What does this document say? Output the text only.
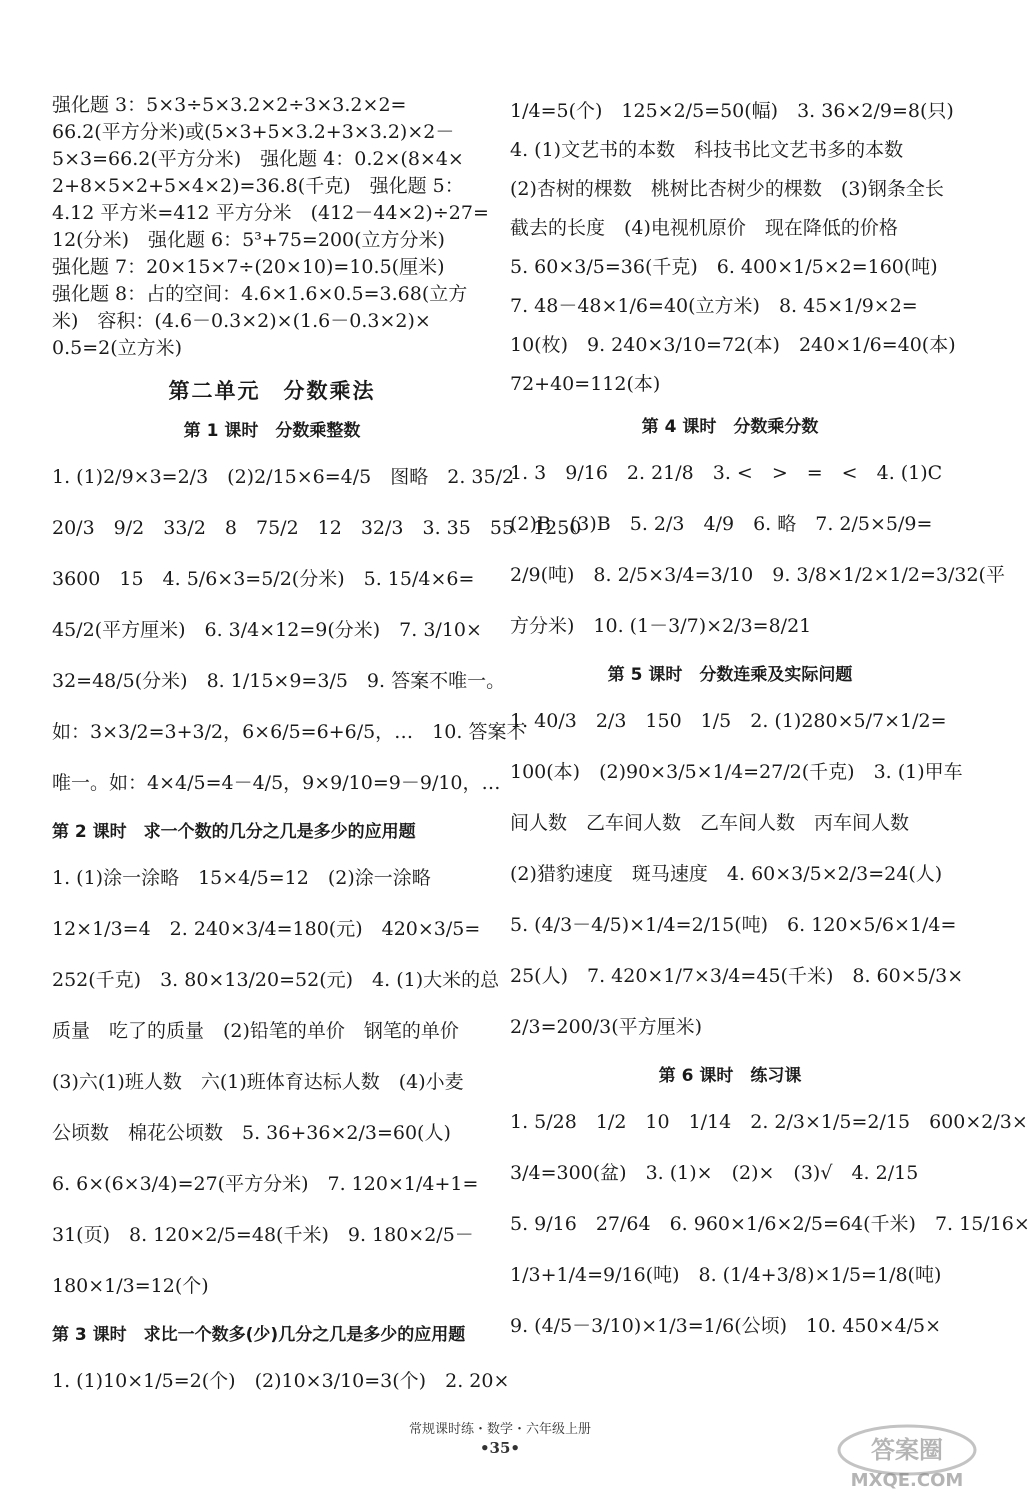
强化题 3：5×3÷5×3.2×2÷3×3.2×2=
66.2(平方分米)或(5×3+5×3.2+3×3.2)×2－
5×3=66.2(平方分米)　强化题 4：0.2×(8×4×
2+8×5×2+5×4×2)=36.8(千克)　强化题 5：
4.12 平方米=412 平方分米　(412－44×2)÷27=
12(分米)　强化题 6：5³+75=200(立方分米)
强化题 7：20×15×7÷(20×10)=10.5(厘米)
强化题 8：占的空间：4.6×1.6×0.5=3.68(立方
米)　容积：(4.6－0.3×2)×(1.6－0.3×2)×
0.5=2(立方米)
第二单元　分数乘法
第 1 课时　分数乘整数
1. (1)2/9×3=2/3　(2)2/15×6=4/5　图略　2. 35/2
20/3　9/2　33/2　8　75/2　12　32/3　3. 35　55　1250
3600　15　4. 5/6×3=5/2(分米)　5. 15/4×6=
45/2(平方厘米)　6. 3/4×12=9(分米)　7. 3/10×
32=48/5(分米)　8. 1/15×9=3/5　9. 答案不唯一。
如：3×3/2=3+3/2，6×6/5=6+6/5，…　10. 答案不
唯一。如：4×4/5=4－4/5，9×9/10=9－9/10，…
第 2 课时　求一个数的几分之几是多少的应用题
1. (1)涂一涂略　15×4/5=12　(2)涂一涂略
12×1/3=4　2. 240×3/4=180(元)　420×3/5=
252(千克)　3. 80×13/20=52(元)　4. (1)大米的总
质量　吃了的质量　(2)铅笔的单价　钢笔的单价
(3)六(1)班人数　六(1)班体育达标人数　(4)小麦
公顷数　棉花公顷数　5. 36+36×2/3=60(人)
6. 6×(6×3/4)=27(平方分米)　7. 120×1/4+1=
31(页)　8. 120×2/5=48(千米)　9. 180×2/5－
180×1/3=12(个)
第 3 课时　求比一个数多(少)几分之几是多少的应用题
1. (1)10×1/5=2(个)　(2)10×3/10=3(个)　2. 20×
1/4=5(个)　125×2/5=50(幅)　3. 36×2/9=8(只)
4. (1)文艺书的本数　科技书比文艺书多的本数
(2)杏树的棵数　桃树比杏树少的棵数　(3)钢条全长
截去的长度　(4)电视机原价　现在降低的价格
5. 60×3/5=36(千克)　6. 400×1/5×2=160(吨)
7. 48－48×1/6=40(立方米)　8. 45×1/9×2=
10(枚)　9. 240×3/10=72(本)　240×1/6=40(本)
72+40=112(本)
第 4 课时　分数乘分数
1. 3　9/16　2. 21/8　3. <　>　=　<　4. (1)C
(2)B　(3)B　5. 2/3　4/9　6. 略　7. 2/5×5/9=
2/9(吨)　8. 2/5×3/4=3/10　9. 3/8×1/2×1/2=3/32(平
方分米)　10. (1－3/7)×2/3=8/21
第 5 课时　分数连乘及实际问题
1. 40/3　2/3　150　1/5　2. (1)280×5/7×1/2=
100(本)　(2)90×3/5×1/4=27/2(千克)　3. (1)甲车
间人数　乙车间人数　乙车间人数　丙车间人数
(2)猎豹速度　斑马速度　4. 60×3/5×2/3=24(人)
5. (4/3－4/5)×1/4=2/15(吨)　6. 120×5/6×1/4=
25(人)　7. 420×1/7×3/4=45(千米)　8. 60×5/3×
2/3=200/3(平方厘米)
第 6 课时　练习课
1. 5/28　1/2　10　1/14　2. 2/3×1/5=2/15　600×2/3×
3/4=300(盆)　3. (1)×　(2)×　(3)√　4. 2/15
5. 9/16　27/64　6. 960×1/6×2/5=64(千米)　7. 15/16×
1/3+1/4=9/16(吨)　8. (1/4+3/8)×1/5=1/8(吨)
9. (4/5－3/10)×1/3=1/6(公顷)　10. 450×4/5×
常规课时练・数学・六年级上册
•35•	答案圈
MXQE.COM
